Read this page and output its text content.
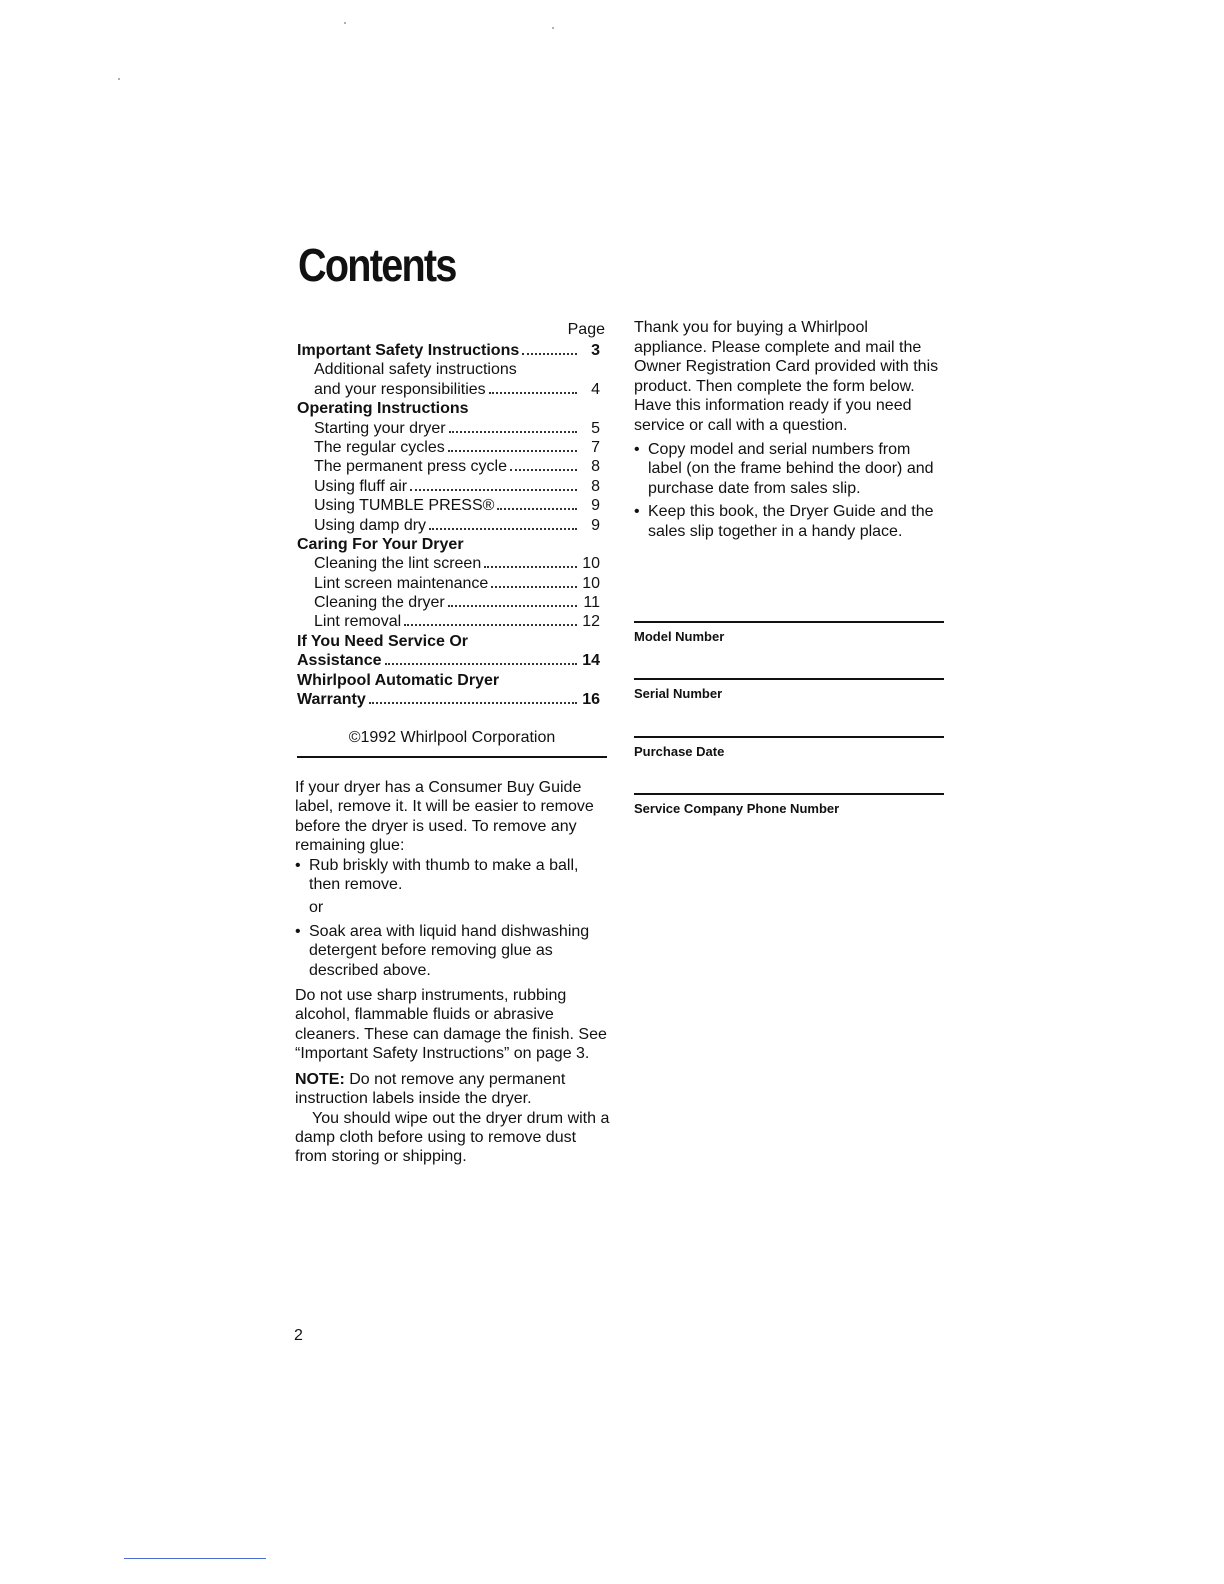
Contents
Page
Important Safety Instructions	3
Additional safety instructions
and your responsibilities	4
Operating Instructions
Starting your dryer	5
The regular cycles	7
The permanent press cycle	8
Using fluff air	8
Using TUMBLE PRESS®	9
Using damp dry	9
Caring For Your Dryer
Cleaning the lint screen	10
Lint screen maintenance	10
Cleaning the dryer	11
Lint removal	12
If You Need Service Or
Assistance	14
Whirlpool Automatic Dryer
Warranty	16
©1992 Whirlpool Corporation

If your dryer has a Consumer Buy Guide label, remove it. It will be easier to remove before the dryer is used. To remove any remaining glue:

• Rub briskly with thumb to make a ball, then remove.

or

• Soak area with liquid hand dishwashing detergent before removing glue as described above.

Do not use sharp instruments, rubbing alcohol, flammable fluids or abrasive cleaners. These can damage the finish. See “Important Safety Instructions” on page 3.

NOTE: Do not remove any permanent instruction labels inside the dryer.

You should wipe out the dryer drum with a damp cloth before using to remove dust from storing or shipping.

Thank you for buying a Whirlpool appliance. Please complete and mail the Owner Registration Card provided with this product. Then complete the form below. Have this information ready if you need service or call with a question.

• Copy model and serial numbers from label (on the frame behind the door) and purchase date from sales slip.
• Keep this book, the Dryer Guide and the sales slip together in a handy place.
Model Number
Serial Number
Purchase Date
Service Company Phone Number
2
